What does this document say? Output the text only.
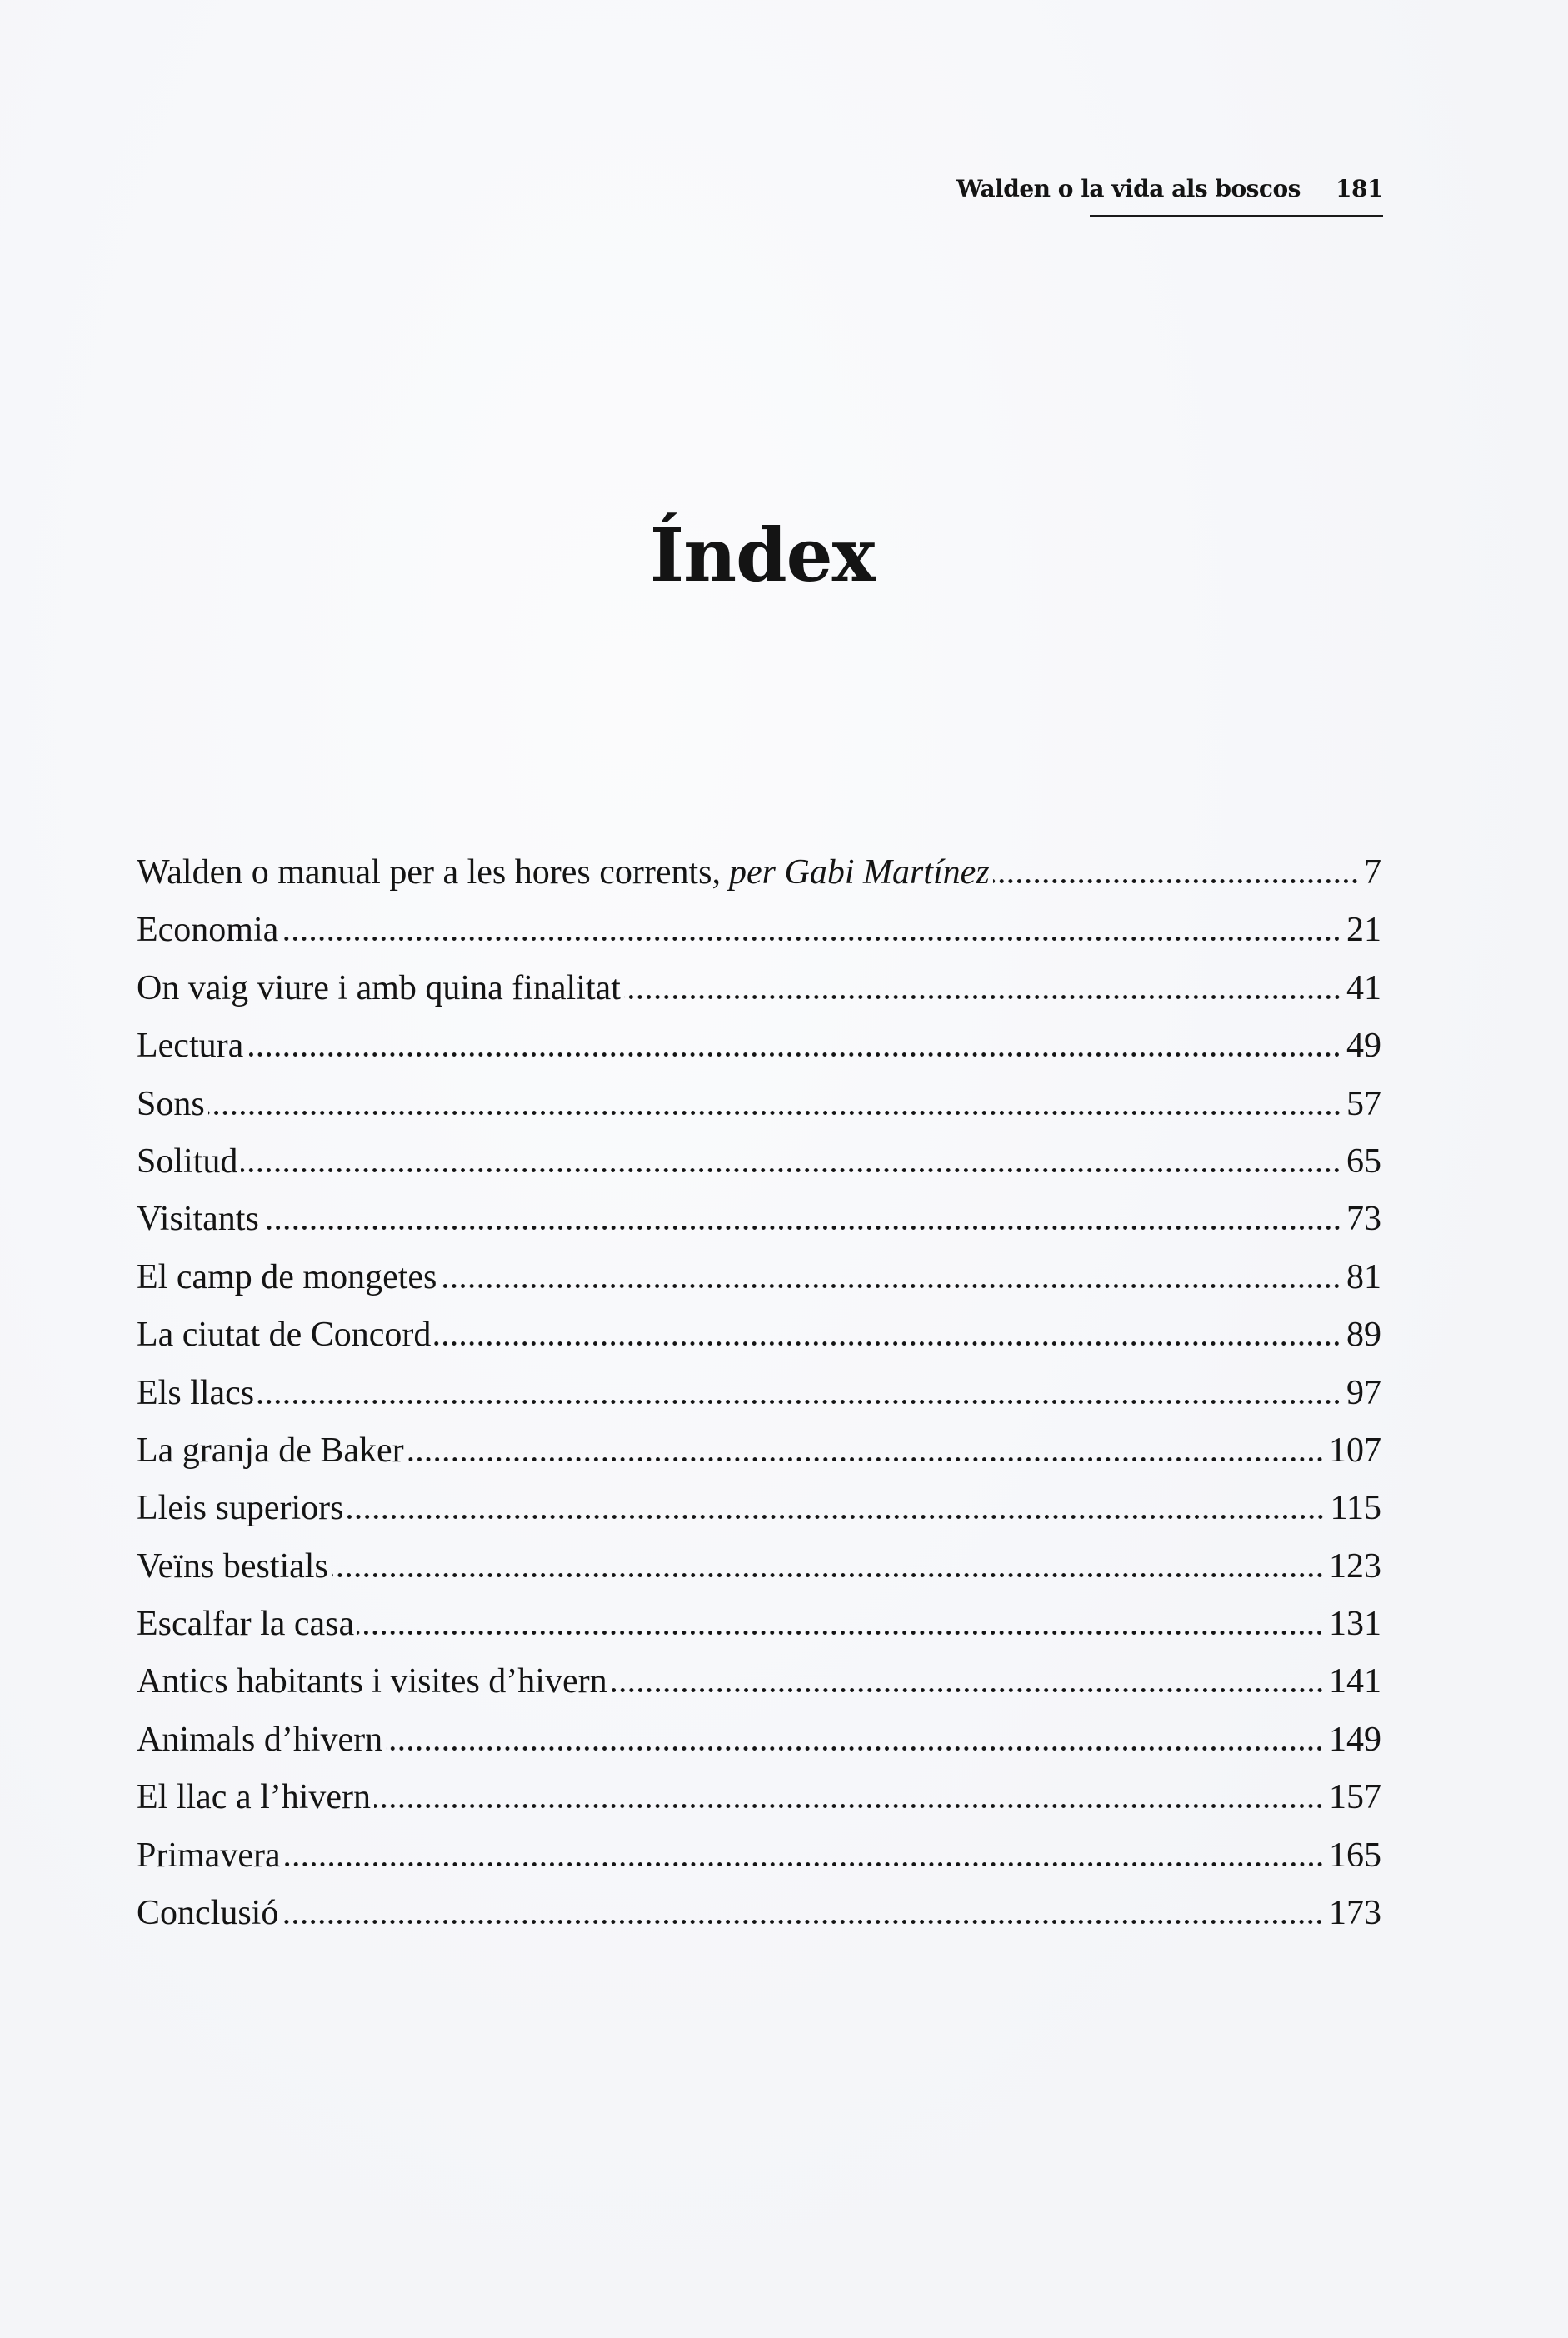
Walden o la vida als boscos 181
Índex
Walden o manual per a les hores corrents, per Gabi Martínez	7
Economia	21
On vaig viure i amb quina finalitat	41
Lectura	49
Sons	57
Solitud	65
Visitants	73
El camp de mongetes	81
La ciutat de Concord	89
Els llacs	97
La granja de Baker	107
Lleis superiors	115
Veïns bestials	123
Escalfar la casa	131
Antics habitants i visites d’hivern	141
Animals d’hivern	149
El llac a l’hivern	157
Primavera	165
Conclusió	173
